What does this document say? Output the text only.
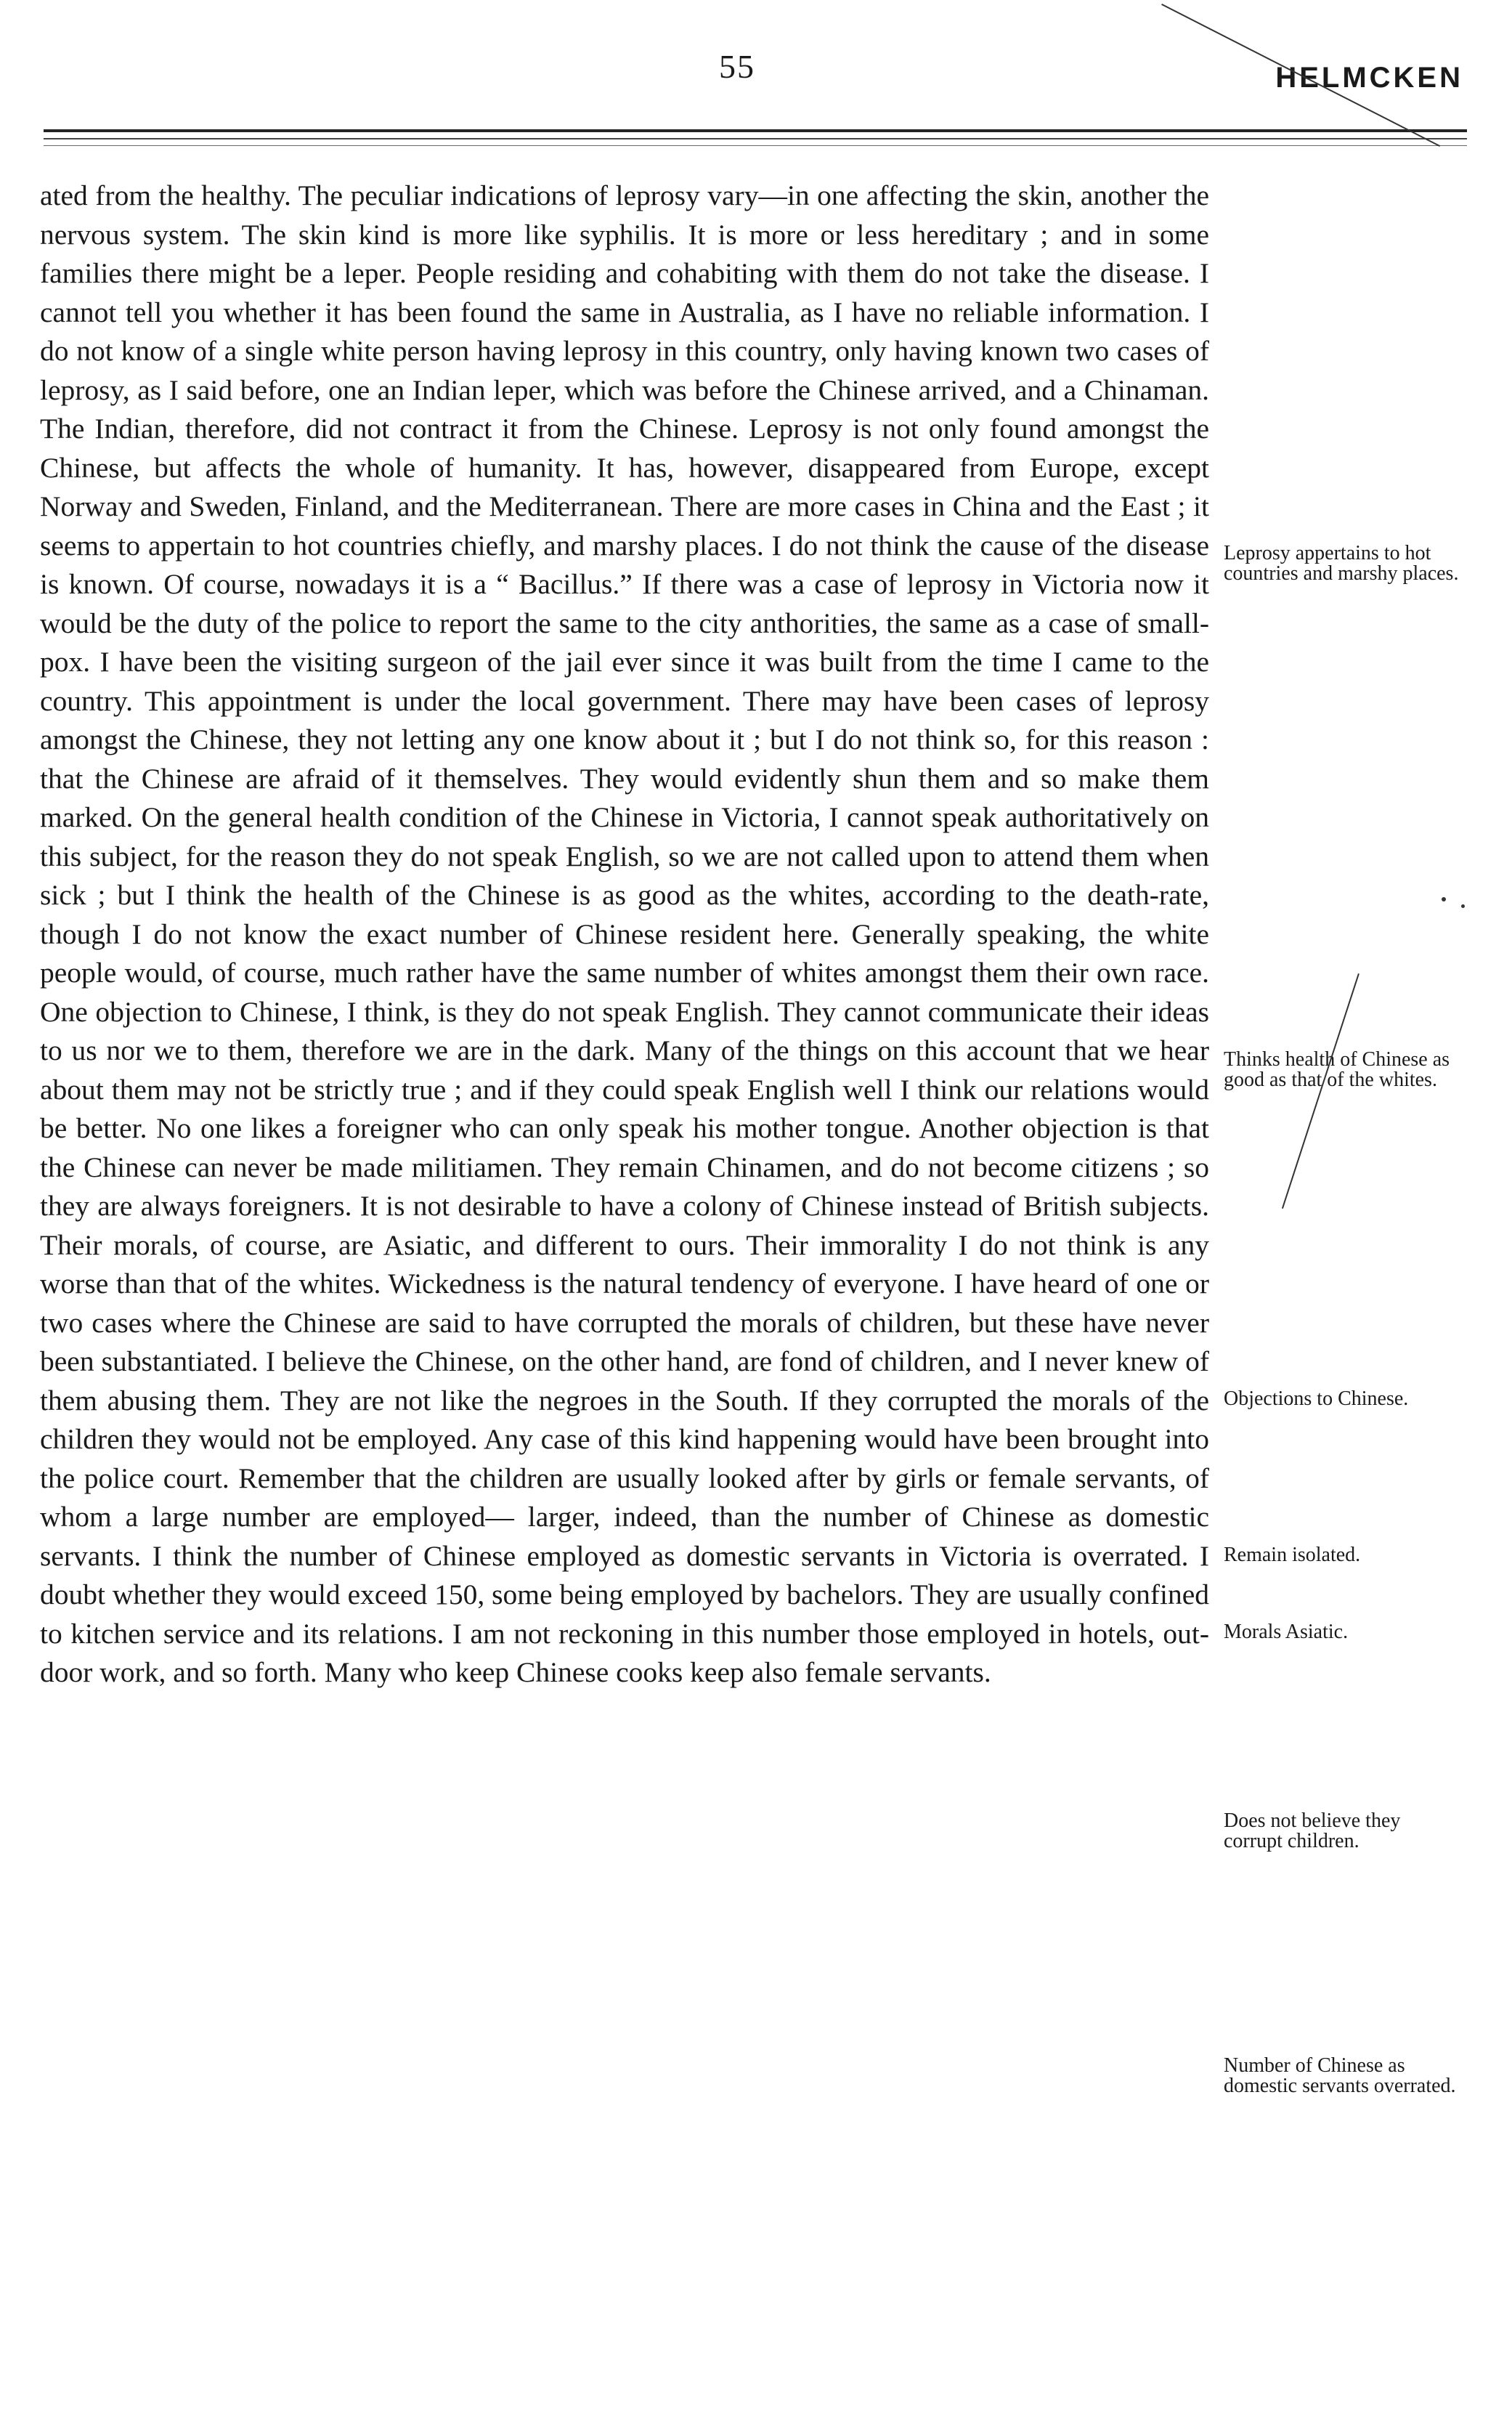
55	HELMCKEN

ated from the healthy. The peculiar indications of leprosy vary—in one affecting the skin, another the nervous system. The skin kind is more like syphilis. It is more or less hereditary ; and in some families there might be a leper. People residing and cohabiting with them do not take the disease. I cannot tell you whether it has been found the same in Australia, as I have no reliable information. I do not know of a single white person having leprosy in this country, only having known two cases of leprosy, as I said before, one an Indian leper, which was before the Chinese arrived, and a Chinaman. The Indian, therefore, did not contract it from the Chinese. Leprosy is not only found amongst the Chinese, but affects the whole of humanity. It has, however, disappeared from Europe, except Norway and Sweden, Finland, and the Mediterranean. There are more cases in China and the East ; it seems to appertain to hot countries chiefly, and marshy places. I do not think the cause of the disease is known. Of course, nowadays it is a “ Bacillus.” If there was a case of leprosy in Victoria now it would be the duty of the police to report the same to the city anthorities, the same as a case of small-pox. I have been the visiting surgeon of the jail ever since it was built from the time I came to the country. This appointment is under the local government. There may have been cases of leprosy amongst the Chinese, they not letting any one know about it ; but I do not think so, for this reason : that the Chinese are afraid of it themselves. They would evidently shun them and so make them marked. On the general health condition of the Chinese in Victoria, I cannot speak authoritatively on this subject, for the reason they do not speak English, so we are not called upon to attend them when sick ; but I think the health of the Chinese is as good as the whites, according to the death-rate, though I do not know the exact number of Chinese resident here. Generally speaking, the white people would, of course, much rather have the same number of whites amongst them their own race. One objection to Chinese, I think, is they do not speak English. They cannot communicate their ideas to us nor we to them, therefore we are in the dark. Many of the things on this account that we hear about them may not be strictly true ; and if they could speak English well I think our relations would be better. No one likes a foreigner who can only speak his mother tongue. Another objection is that the Chinese can never be made militiamen. They remain Chinamen, and do not become citizens ; so they are always foreigners. It is not desirable to have a colony of Chinese instead of British subjects. Their morals, of course, are Asiatic, and different to ours. Their immorality I do not think is any worse than that of the whites. Wickedness is the natural tendency of everyone. I have heard of one or two cases where the Chinese are said to have corrupted the morals of children, but these have never been substantiated. I believe the Chinese, on the other hand, are fond of children, and I never knew of them abusing them. They are not like the negroes in the South. If they corrupted the morals of the children they would not be employed. Any case of this kind happening would have been brought into the police court. Remember that the children are usually looked after by girls or female servants, of whom a large number are employed— larger, indeed, than the number of Chinese as domestic servants. I think the number of Chinese employed as domestic servants in Victoria is overrated. I doubt whether they would exceed 150, some being employed by bachelors. They are usually confined to kitchen service and its relations. I am not reckoning in this number those employed in hotels, out-door work, and so forth. Many who keep Chinese cooks keep also female servants.

Leprosy appertains to hot countries and marshy places.
Thinks health of Chinese as good as that of the whites.
Objections to Chinese.
Remain isolated.
Morals Asiatic.
Does not believe they corrupt children.
Number of Chinese as domestic servants overrated.
